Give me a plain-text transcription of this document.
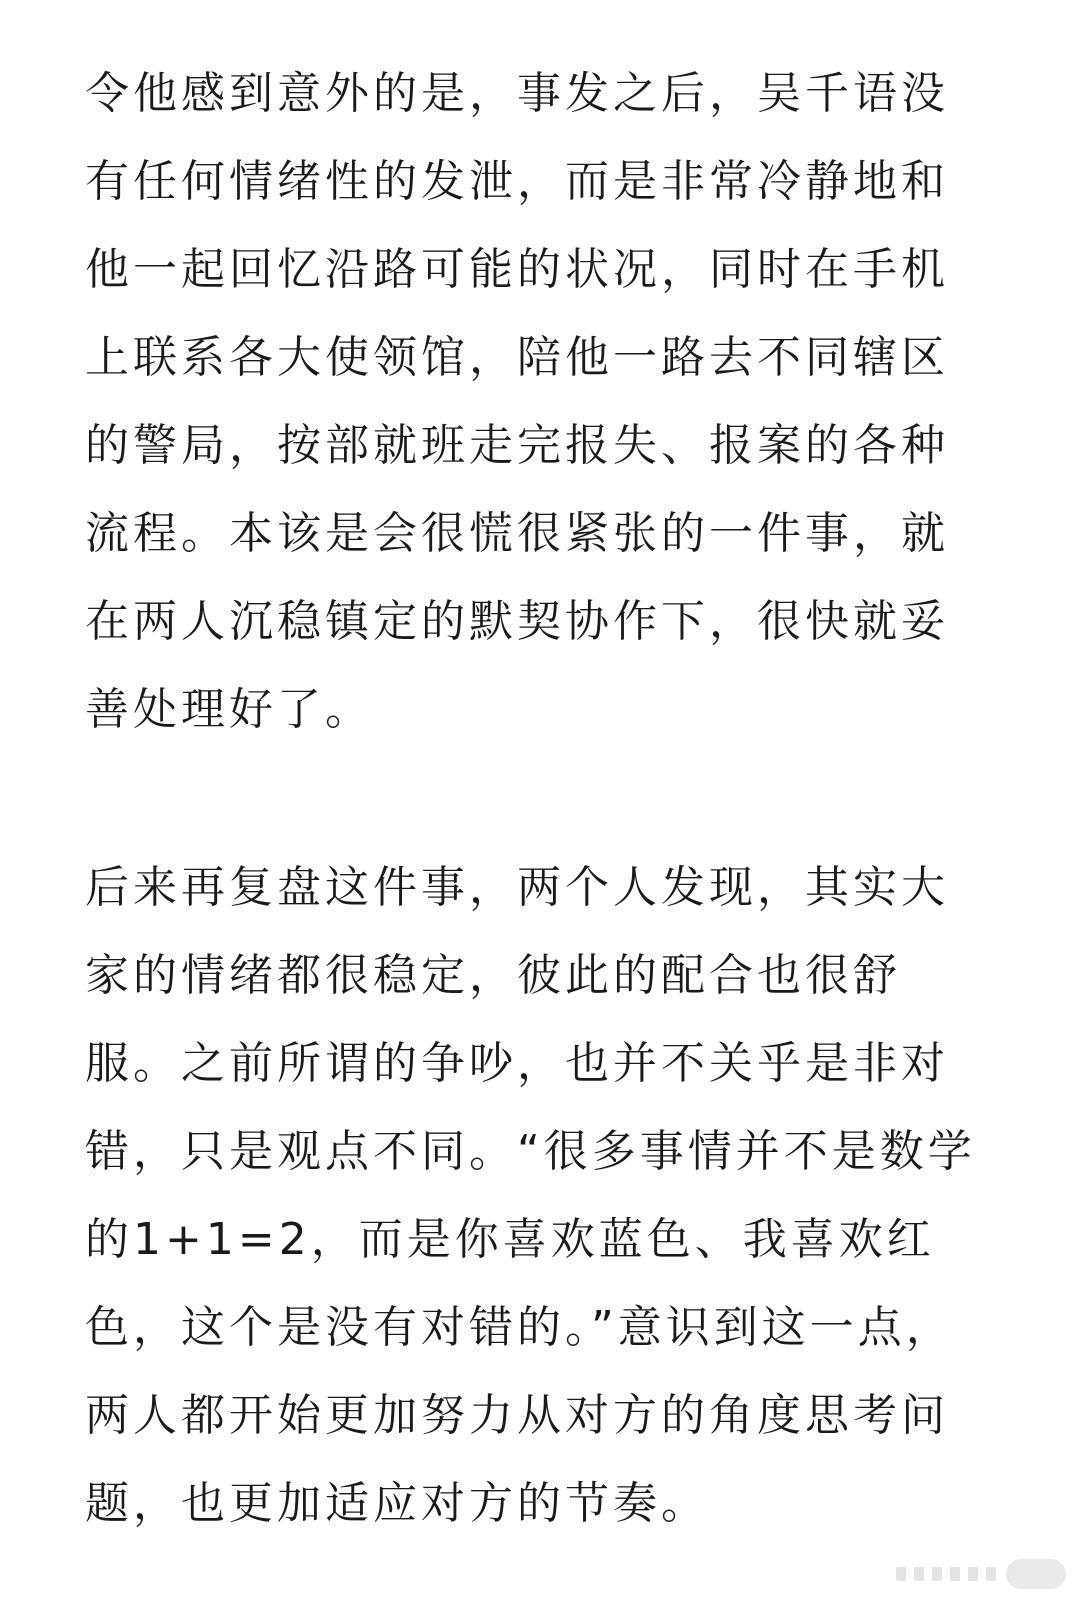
令他感到意外的是，事发之后，吴千语没
有任何情绪性的发泄，而是非常冷静地和
他一起回忆沿路可能的状况，同时在手机
上联系各大使领馆，陪他一路去不同辖区
的警局，按部就班走完报失、报案的各种
流程。本该是会很慌很紧张的一件事，就
在两人沉稳镇定的默契协作下，很快就妥
善处理好了。

后来再复盘这件事，两个人发现，其实大
家的情绪都很稳定，彼此的配合也很舒
服。之前所谓的争吵，也并不关乎是非对
错，只是观点不同。“很多事情并不是数学
的1+1=2，而是你喜欢蓝色、我喜欢红
色，这个是没有对错的。”意识到这一点，
两人都开始更加努力从对方的角度思考问
题，也更加适应对方的节奏。
